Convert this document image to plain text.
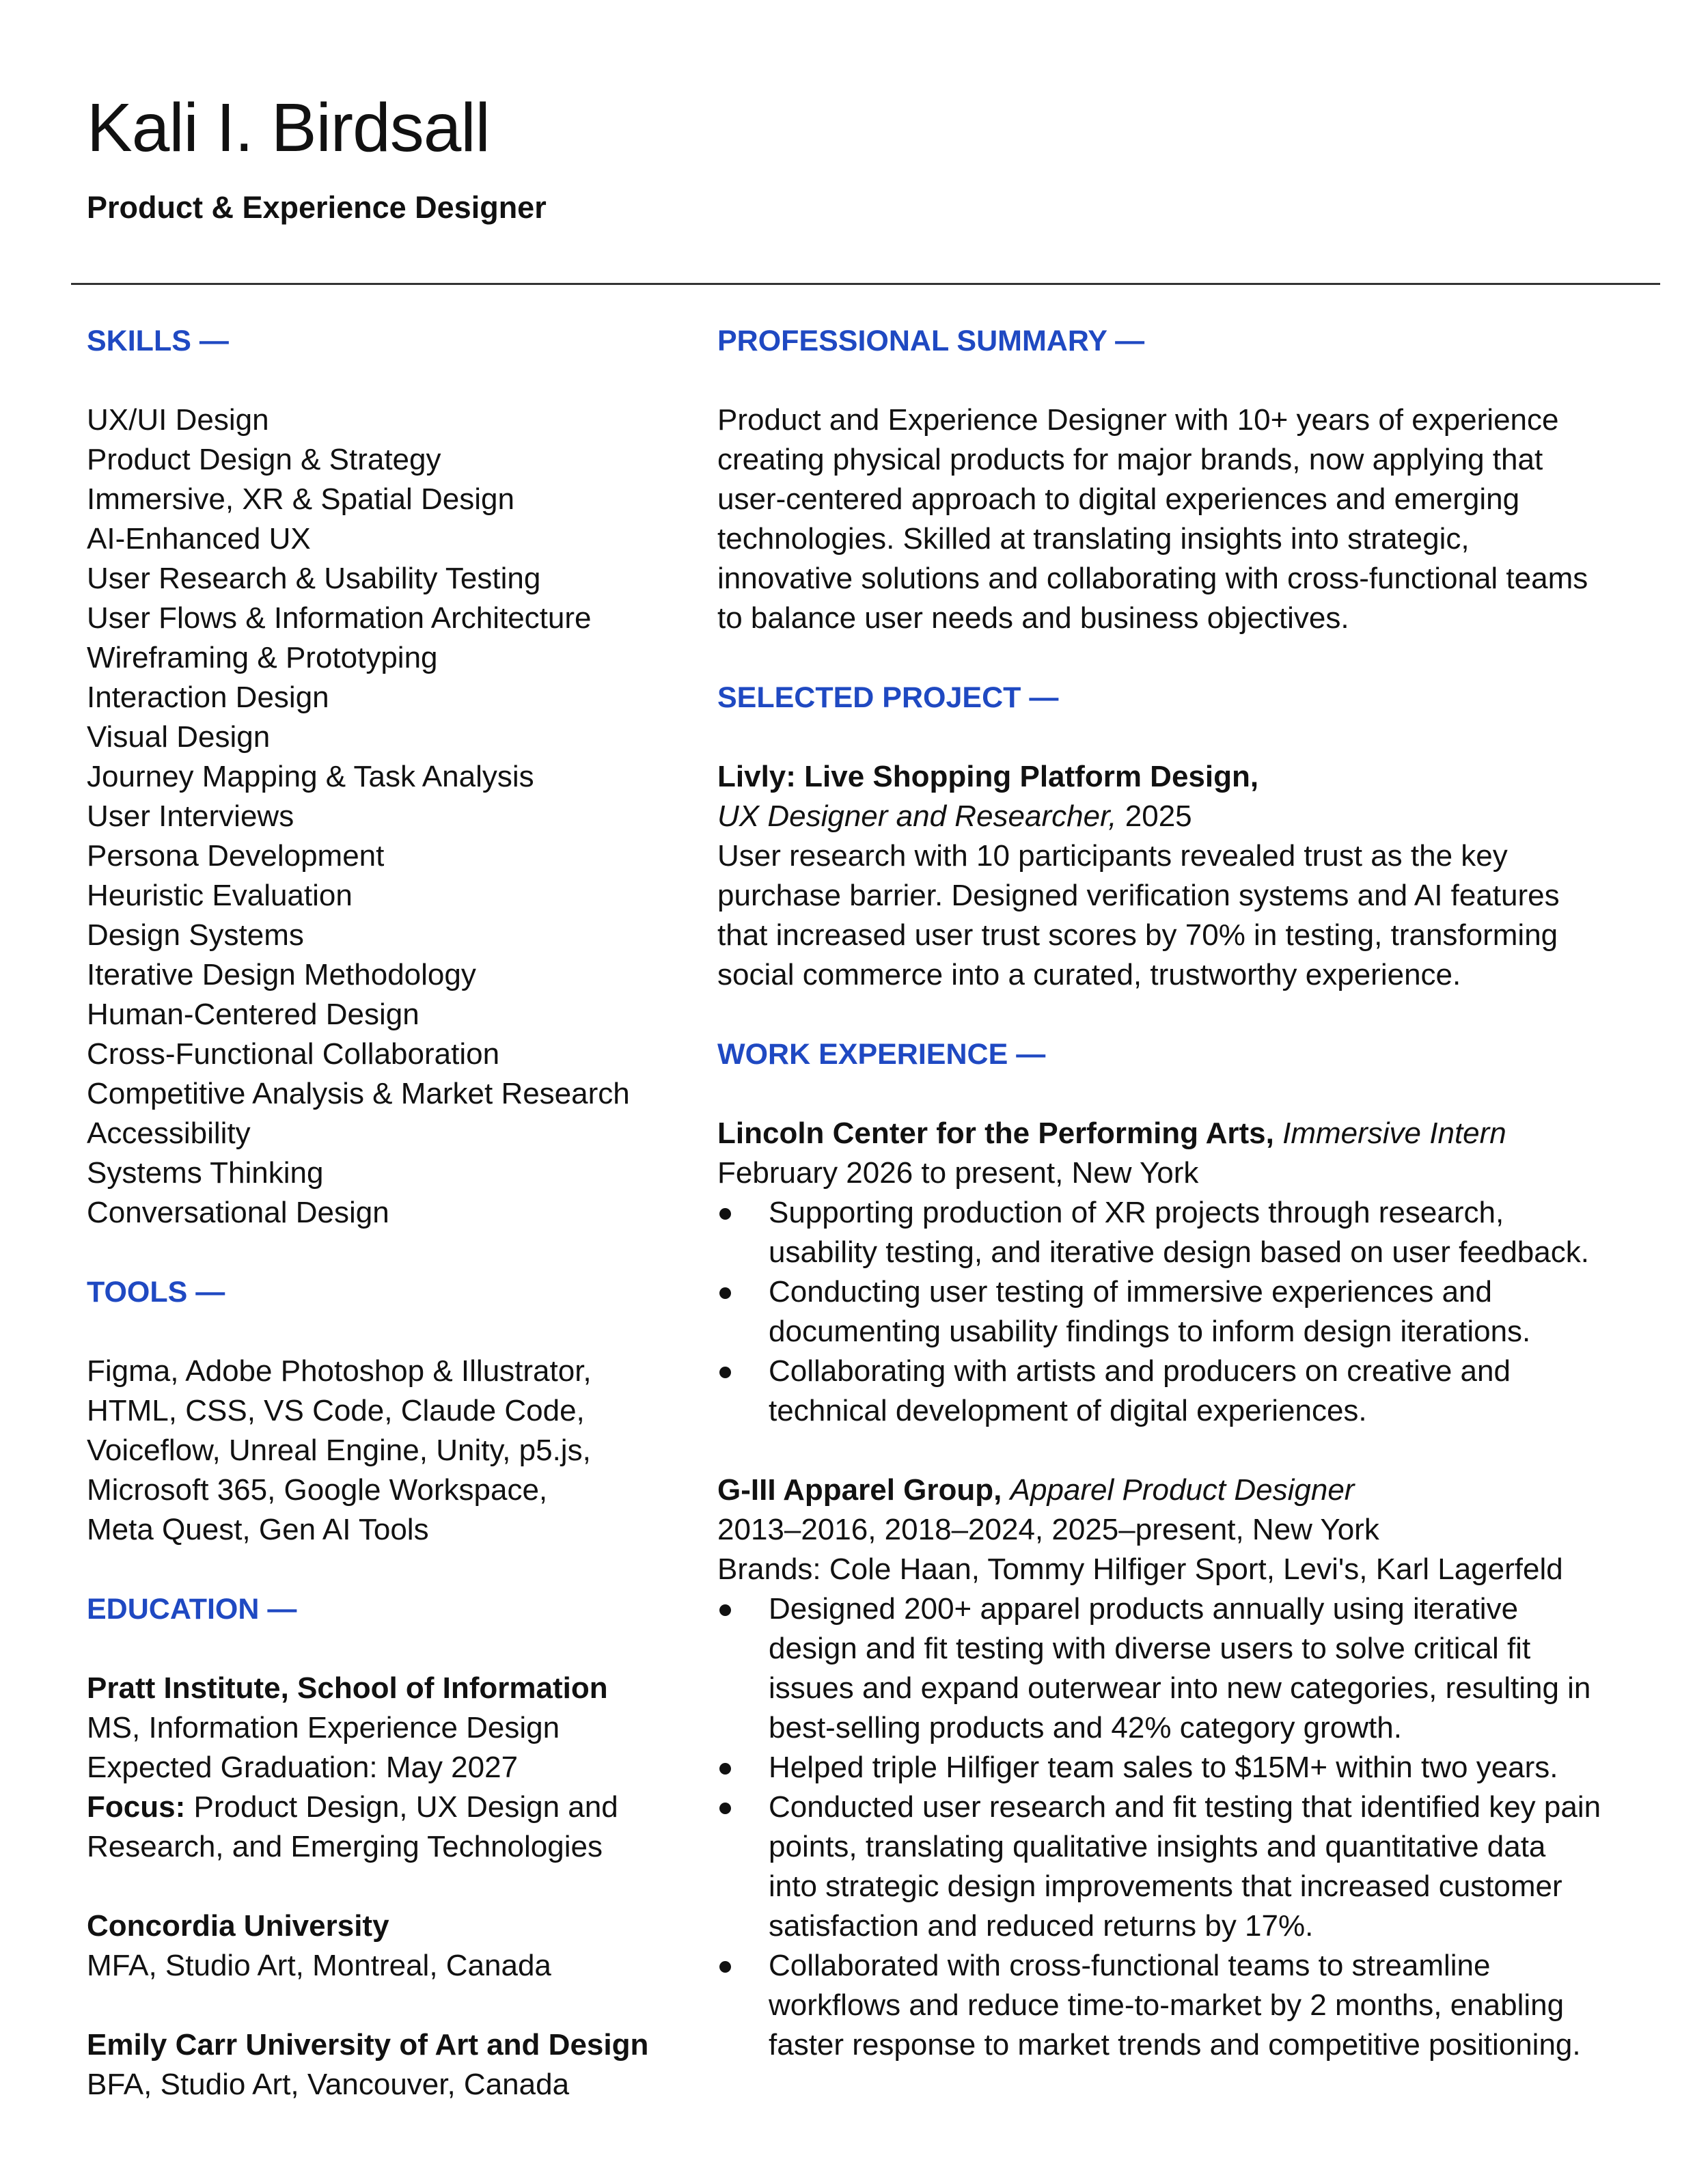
Kali I. Birdsall
Product & Experience Designer
SKILLS —
UX/UI Design
Product Design & Strategy
Immersive, XR & Spatial Design
AI-Enhanced UX
User Research & Usability Testing
User Flows & Information Architecture
Wireframing & Prototyping
Interaction Design
Visual Design
Journey Mapping & Task Analysis
User Interviews
Persona Development
Heuristic Evaluation
Design Systems
Iterative Design Methodology
Human-Centered Design
Cross-Functional Collaboration
Competitive Analysis & Market Research
Accessibility
Systems Thinking
Conversational Design
TOOLS —
Figma, Adobe Photoshop & Illustrator,
HTML, CSS, VS Code, Claude Code,
Voiceflow, Unreal Engine, Unity, p5.js,
Microsoft 365, Google Workspace,
Meta Quest, Gen AI Tools
EDUCATION —
Pratt Institute, School of Information
MS, Information Experience Design
Expected Graduation: May 2027
Focus: Product Design, UX Design and
Research, and Emerging Technologies
Concordia University
MFA, Studio Art, Montreal, Canada
Emily Carr University of Art and Design
BFA, Studio Art, Vancouver, Canada
PROFESSIONAL SUMMARY —
Product and Experience Designer with 10+ years of experience
creating physical products for major brands, now applying that
user-centered approach to digital experiences and emerging
technologies. Skilled at translating insights into strategic,
innovative solutions and collaborating with cross-functional teams
to balance user needs and business objectives.
SELECTED PROJECT —
Livly: Live Shopping Platform Design,
UX Designer and Researcher, 2025
User research with 10 participants revealed trust as the key
purchase barrier. Designed verification systems and AI features
that increased user trust scores by 70% in testing, transforming
social commerce into a curated, trustworthy experience.
WORK EXPERIENCE —
Lincoln Center for the Performing Arts, Immersive Intern
February 2026 to present, New York
Supporting production of XR projects through research,
usability testing, and iterative design based on user feedback.
Conducting user testing of immersive experiences and
documenting usability findings to inform design iterations.
Collaborating with artists and producers on creative and
technical development of digital experiences.
G-III Apparel Group, Apparel Product Designer
2013–2016, 2018–2024, 2025–present, New York
Brands: Cole Haan, Tommy Hilfiger Sport, Levi's, Karl Lagerfeld
Designed 200+ apparel products annually using iterative
design and fit testing with diverse users to solve critical fit
issues and expand outerwear into new categories, resulting in
best-selling products and 42% category growth.
Helped triple Hilfiger team sales to $15M+ within two years.
Conducted user research and fit testing that identified key pain
points, translating qualitative insights and quantitative data
into strategic design improvements that increased customer
satisfaction and reduced returns by 17%.
Collaborated with cross-functional teams to streamline
workflows and reduce time-to-market by 2 months, enabling
faster response to market trends and competitive positioning.
